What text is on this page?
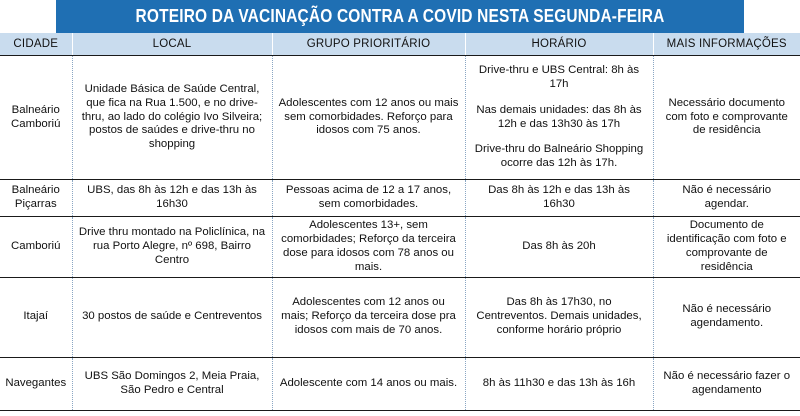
ROTEIRO DA VACINAÇÃO CONTRA A COVID NESTA SEGUNDA-FEIRA
CIDADE	LOCAL	GRUPO PRIORITÁRIO	HORÁRIO	MAIS INFORMAÇÕES
Balneário Camboriú	Unidade Básica de Saúde Central, que fica na Rua 1.500, e no drive-thru, ao lado do colégio Ivo Silveira; postos de saúdes e drive-thru no shopping	Adolescentes com 12 anos ou mais sem comorbidades. Reforço para idosos com 75 anos.	Drive-thru e UBS Central: 8h às 17h
Nas demais unidades: das 8h às 12h e das 13h30 às 17h
Drive-thru do Balneário Shopping ocorre das 12h às 17h.	Necessário documento com foto e comprovante de residência
Balneário Piçarras	UBS, das 8h às 12h e das 13h às 16h30	Pessoas acima de 12 a 17 anos, sem comorbidades.	Das 8h às 12h e das 13h às 16h30	Não é necessário agendar.
Camboriú	Drive thru montado na Policlínica, na rua Porto Alegre, nº 698, Bairro Centro	Adolescentes 13+, sem comorbidades; Reforço da terceira dose para idosos com 78 anos ou mais.	Das 8h às 20h	Documento de identificação com foto e comprovante de residência
Itajaí	30 postos de saúde e Centreventos	Adolescentes com 12 anos ou mais; Reforço da terceira dose pra idosos com mais de 70 anos.	Das 8h às 17h30, no Centreventos. Demais unidades, conforme horário próprio	Não é necessário agendamento.
Navegantes	UBS São Domingos 2, Meia Praia, São Pedro e Central	Adolescente com 14 anos ou mais.	8h às 11h30 e das 13h às 16h	Não é necessário fazer o agendamento
